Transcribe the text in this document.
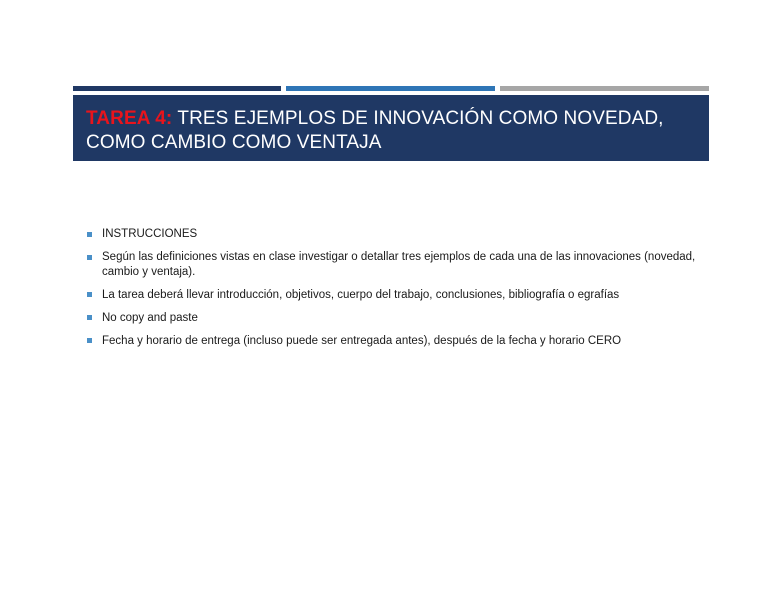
TAREA 4: TRES EJEMPLOS DE INNOVACIÓN COMO NOVEDAD, COMO CAMBIO COMO VENTAJA
INSTRUCCIONES
Según las definiciones vistas en clase investigar o detallar tres ejemplos de cada una de las innovaciones (novedad, cambio y ventaja).
La tarea deberá llevar introducción, objetivos, cuerpo del trabajo, conclusiones, bibliografía o egrafías
No copy and paste
Fecha y horario de entrega (incluso puede ser entregada antes), después de la fecha y horario CERO
